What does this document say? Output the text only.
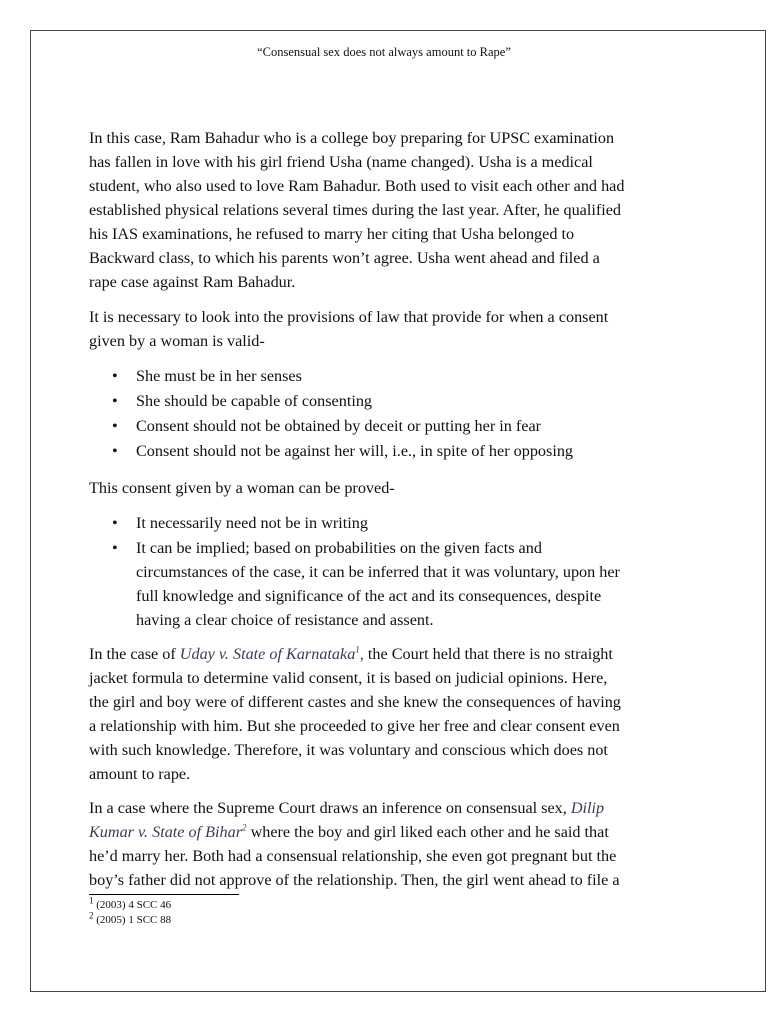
“Consensual sex does not always amount to Rape”
In this case, Ram Bahadur who is a college boy preparing for UPSC examination
has fallen in love with his girl friend Usha (name changed). Usha is a medical
student, who also used to love Ram Bahadur. Both used to visit each other and had
established physical relations several times during the last year. After, he qualified
his IAS examinations, he refused to marry her citing that Usha belonged to
Backward class, to which his parents won’t agree. Usha went ahead and filed a
rape case against Ram Bahadur.
It is necessary to look into the provisions of law that provide for when a consent
given by a woman is valid-
• She must be in her senses
• She should be capable of consenting
• Consent should not be obtained by deceit or putting her in fear
• Consent should not be against her will, i.e., in spite of her opposing
This consent given by a woman can be proved-
• It necessarily need not be in writing
• It can be implied; based on probabilities on the given facts and
circumstances of the case, it can be inferred that it was voluntary, upon her
full knowledge and significance of the act and its consequences, despite
having a clear choice of resistance and assent.
In the case of Uday v. State of Karnataka$^1$, the Court held that there is no straight
jacket formula to determine valid consent, it is based on judicial opinions. Here,
the girl and boy were of different castes and she knew the consequences of having
a relationship with him. But she proceeded to give her free and clear consent even
with such knowledge. Therefore, it was voluntary and conscious which does not
amount to rape.
In a case where the Supreme Court draws an inference on consensual sex, Dilip
Kumar v. State of Bihar$^2$ where the boy and girl liked each other and he said that
he’d marry her. Both had a consensual relationship, she even got pregnant but the
boy’s father did not approve of the relationship. Then, the girl went ahead to file a
$^1$ (2003) 4 SCC 46
$^2$ (2005) 1 SCC 88
